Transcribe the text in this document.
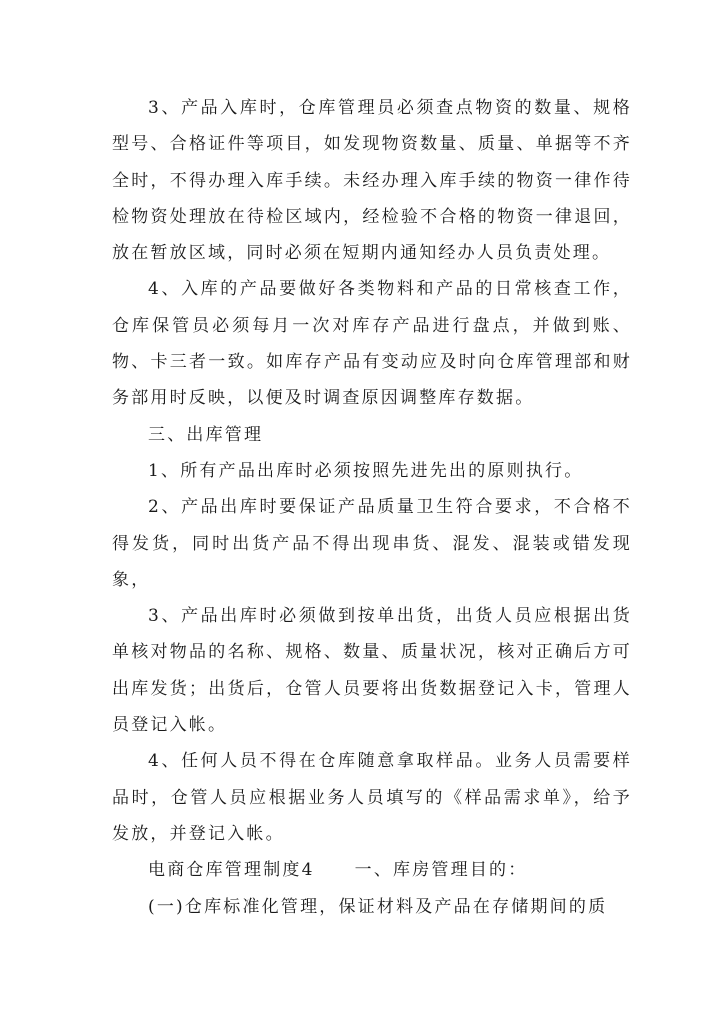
3、产品入库时，仓库管理员必须查点物资的数量、规格型号、合格证件等项目，如发现物资数量、质量、单据等不齐全时，不得办理入库手续。未经办理入库手续的物资一律作待检物资处理放在待检区域内，经检验不合格的物资一律退回，放在暂放区域，同时必须在短期内通知经办人员负责处理。

4、入库的产品要做好各类物料和产品的日常核查工作，仓库保管员必须每月一次对库存产品进行盘点，并做到账、物、卡三者一致。如库存产品有变动应及时向仓库管理部和财务部用时反映，以便及时调查原因调整库存数据。

三、出库管理

1、所有产品出库时必须按照先进先出的原则执行。

2、产品出库时要保证产品质量卫生符合要求，不合格不得发货，同时出货产品不得出现串货、混发、混装或错发现象，

3、产品出库时必须做到按单出货，出货人员应根据出货单核对物品的名称、规格、数量、质量状况，核对正确后方可出库发货；出货后，仓管人员要将出货数据登记入卡，管理人员登记入帐。

4、任何人员不得在仓库随意拿取样品。业务人员需要样品时，仓管人员应根据业务人员填写的《样品需求单》，给予发放，并登记入帐。

电商仓库管理制度4 一、库房管理目的：

(一)仓库标准化管理，保证材料及产品在存储期间的质
